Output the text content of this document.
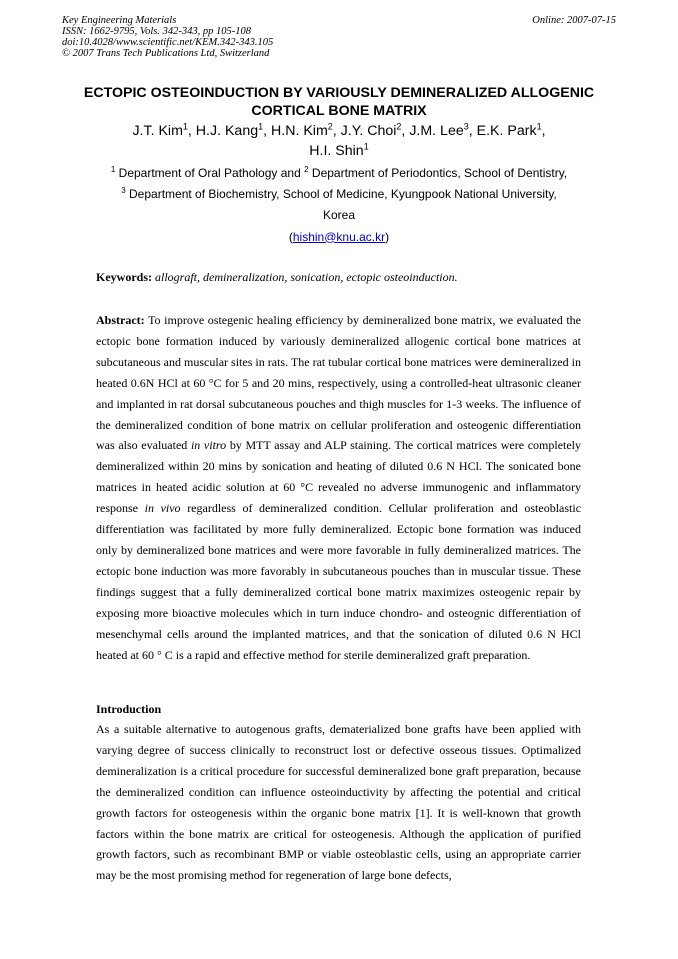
Key Engineering Materials
ISSN: 1662-9795, Vols. 342-343, pp 105-108
doi:10.4028/www.scientific.net/KEM.342-343.105
© 2007 Trans Tech Publications Ltd, Switzerland
Online: 2007-07-15
ECTOPIC OSTEOINDUCTION BY VARIOUSLY DEMINERALIZED ALLOGENIC CORTICAL BONE MATRIX
J.T. Kim$^1$, H.J. Kang$^1$, H.N. Kim$^2$, J.Y. Choi$^2$, J.M. Lee$^3$, E.K. Park$^1$,
H.I. Shin$^1$
$^1$ Department of Oral Pathology and $^2$ Department of Periodontics, School of Dentistry,
$^3$ Department of Biochemistry, School of Medicine, Kyungpook National University,
Korea
(hishin@knu.ac.kr)
Keywords: allograft, demineralization, sonication, ectopic osteoinduction.
Abstract: To improve ostegenic healing efficiency by demineralized bone matrix, we evaluated the ectopic bone formation induced by variously demineralized allogenic cortical bone matrices at subcutaneous and muscular sites in rats. The rat tubular cortical bone matrices were demineralized in heated 0.6N HCl at 60 °C for 5 and 20 mins, respectively, using a controlled-heat ultrasonic cleaner and implanted in rat dorsal subcutaneous pouches and thigh muscles for 1-3 weeks. The influence of the demineralized condition of bone matrix on cellular proliferation and osteogenic differentiation was also evaluated in vitro by MTT assay and ALP staining. The cortical matrices were completely demineralized within 20 mins by sonication and heating of diluted 0.6 N HCl. The sonicated bone matrices in heated acidic solution at 60 °C revealed no adverse immunogenic and inflammatory response in vivo regardless of demineralized condition. Cellular proliferation and osteoblastic differentiation was facilitated by more fully demineralized. Ectopic bone formation was induced only by demineralized bone matrices and were more favorable in fully demineralized matrices. The ectopic bone induction was more favorably in subcutaneous pouches than in muscular tissue. These findings suggest that a fully demineralized cortical bone matrix maximizes osteogenic repair by exposing more bioactive molecules which in turn induce chondro- and osteognic differentiation of mesenchymal cells around the implanted matrices, and that the sonication of diluted 0.6 N HCl heated at 60 ° C is a rapid and effective method for sterile demineralized graft preparation.
Introduction
As a suitable alternative to autogenous grafts, dematerialized bone grafts have been applied with varying degree of success clinically to reconstruct lost or defective osseous tissues. Optimalized demineralization is a critical procedure for successful demineralized bone graft preparation, because the demineralized condition can influence osteoinductivity by affecting the potential and critical growth factors for osteogenesis within the organic bone matrix [1]. It is well-known that growth factors within the bone matrix are critical for osteogenesis. Although the application of purified growth factors, such as recombinant BMP or viable osteoblastic cells, using an appropriate carrier may be the most promising method for regeneration of large bone defects,
